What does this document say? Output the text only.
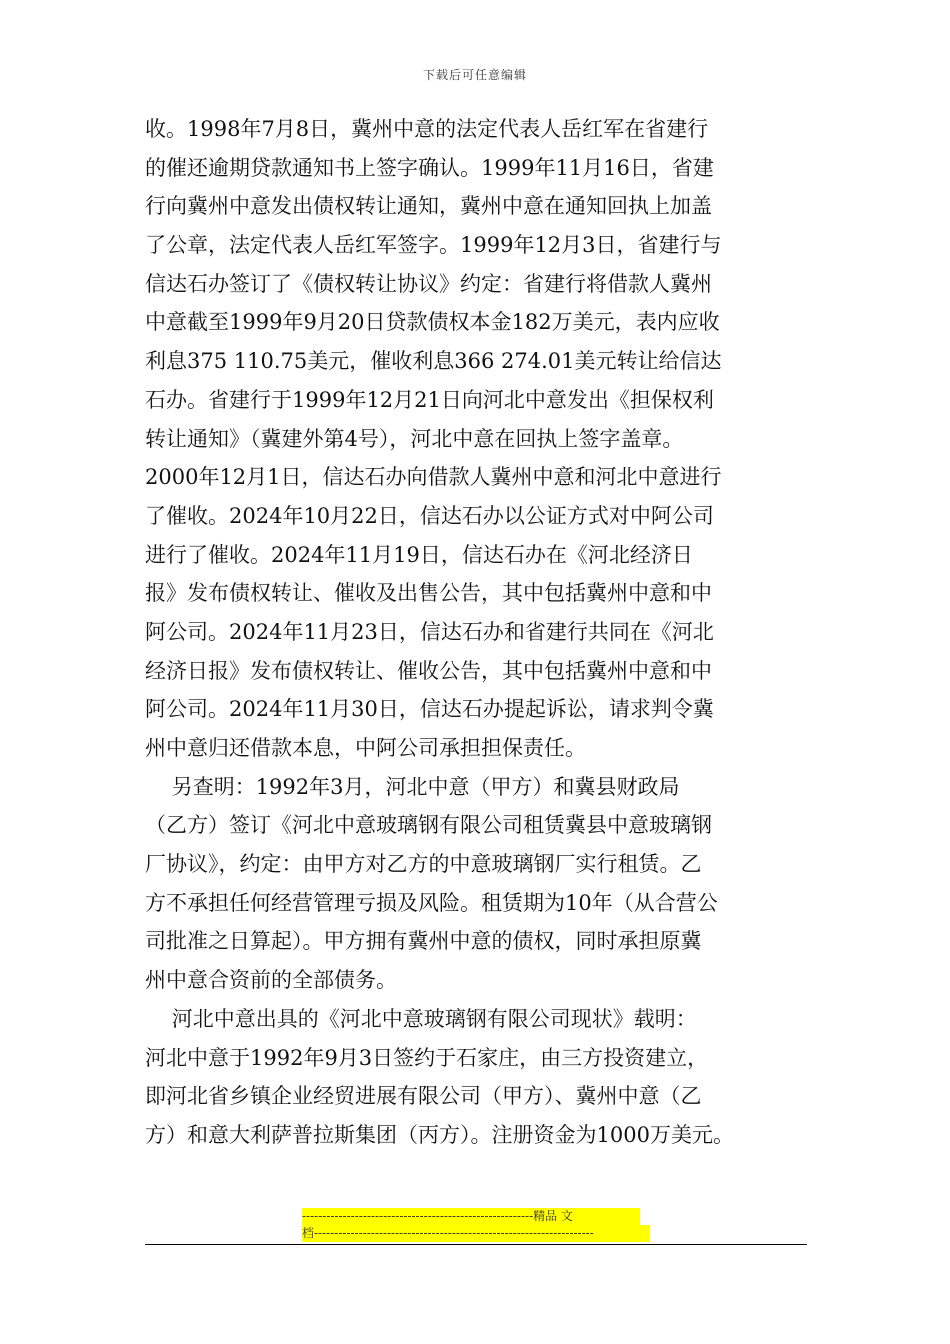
下载后可任意编辑
收。1998年7月8日，冀州中意的法定代表人岳红军在省建行
的催还逾期贷款通知书上签字确认。1999年11月16日，省建
行向冀州中意发出债权转让通知，冀州中意在通知回执上加盖
了公章，法定代表人岳红军签字。1999年12月3日，省建行与
信达石办签订了《债权转让协议》约定：省建行将借款人冀州
中意截至1999年9月20日贷款债权本金182万美元，表内应收
利息375 110.75美元，催收利息366 274.01美元转让给信达
石办。省建行于1999年12月21日向河北中意发出《担保权利
转让通知》（冀建外第4号），河北中意在回执上签字盖章。
2000年12月1日，信达石办向借款人冀州中意和河北中意进行
了催收。2024年10月22日，信达石办以公证方式对中阿公司
进行了催收。2024年11月19日，信达石办在《河北经济日
报》发布债权转让、催收及出售公告，其中包括冀州中意和中
阿公司。2024年11月23日，信达石办和省建行共同在《河北
经济日报》发布债权转让、催收公告，其中包括冀州中意和中
阿公司。2024年11月30日，信达石办提起诉讼，请求判令冀
州中意归还借款本息，中阿公司承担担保责任。
另查明：1992年3月，河北中意（甲方）和冀县财政局
（乙方）签订《河北中意玻璃钢有限公司租赁冀县中意玻璃钢
厂协议》，约定：由甲方对乙方的中意玻璃钢厂实行租赁。乙
方不承担任何经营管理亏损及风险。租赁期为10年（从合营公
司批准之日算起）。甲方拥有冀州中意的债权，同时承担原冀
州中意合资前的全部债务。
河北中意出具的《河北中意玻璃钢有限公司现状》载明：
河北中意于1992年9月3日签约于石家庄，由三方投资建立，
即河北省乡镇企业经贸进展有限公司（甲方）、冀州中意（乙
方）和意大利萨普拉斯集团（丙方）。注册资金为1000万美元。
---------------------------------------------------------精品 文
档---------------------------------------------------------------------
